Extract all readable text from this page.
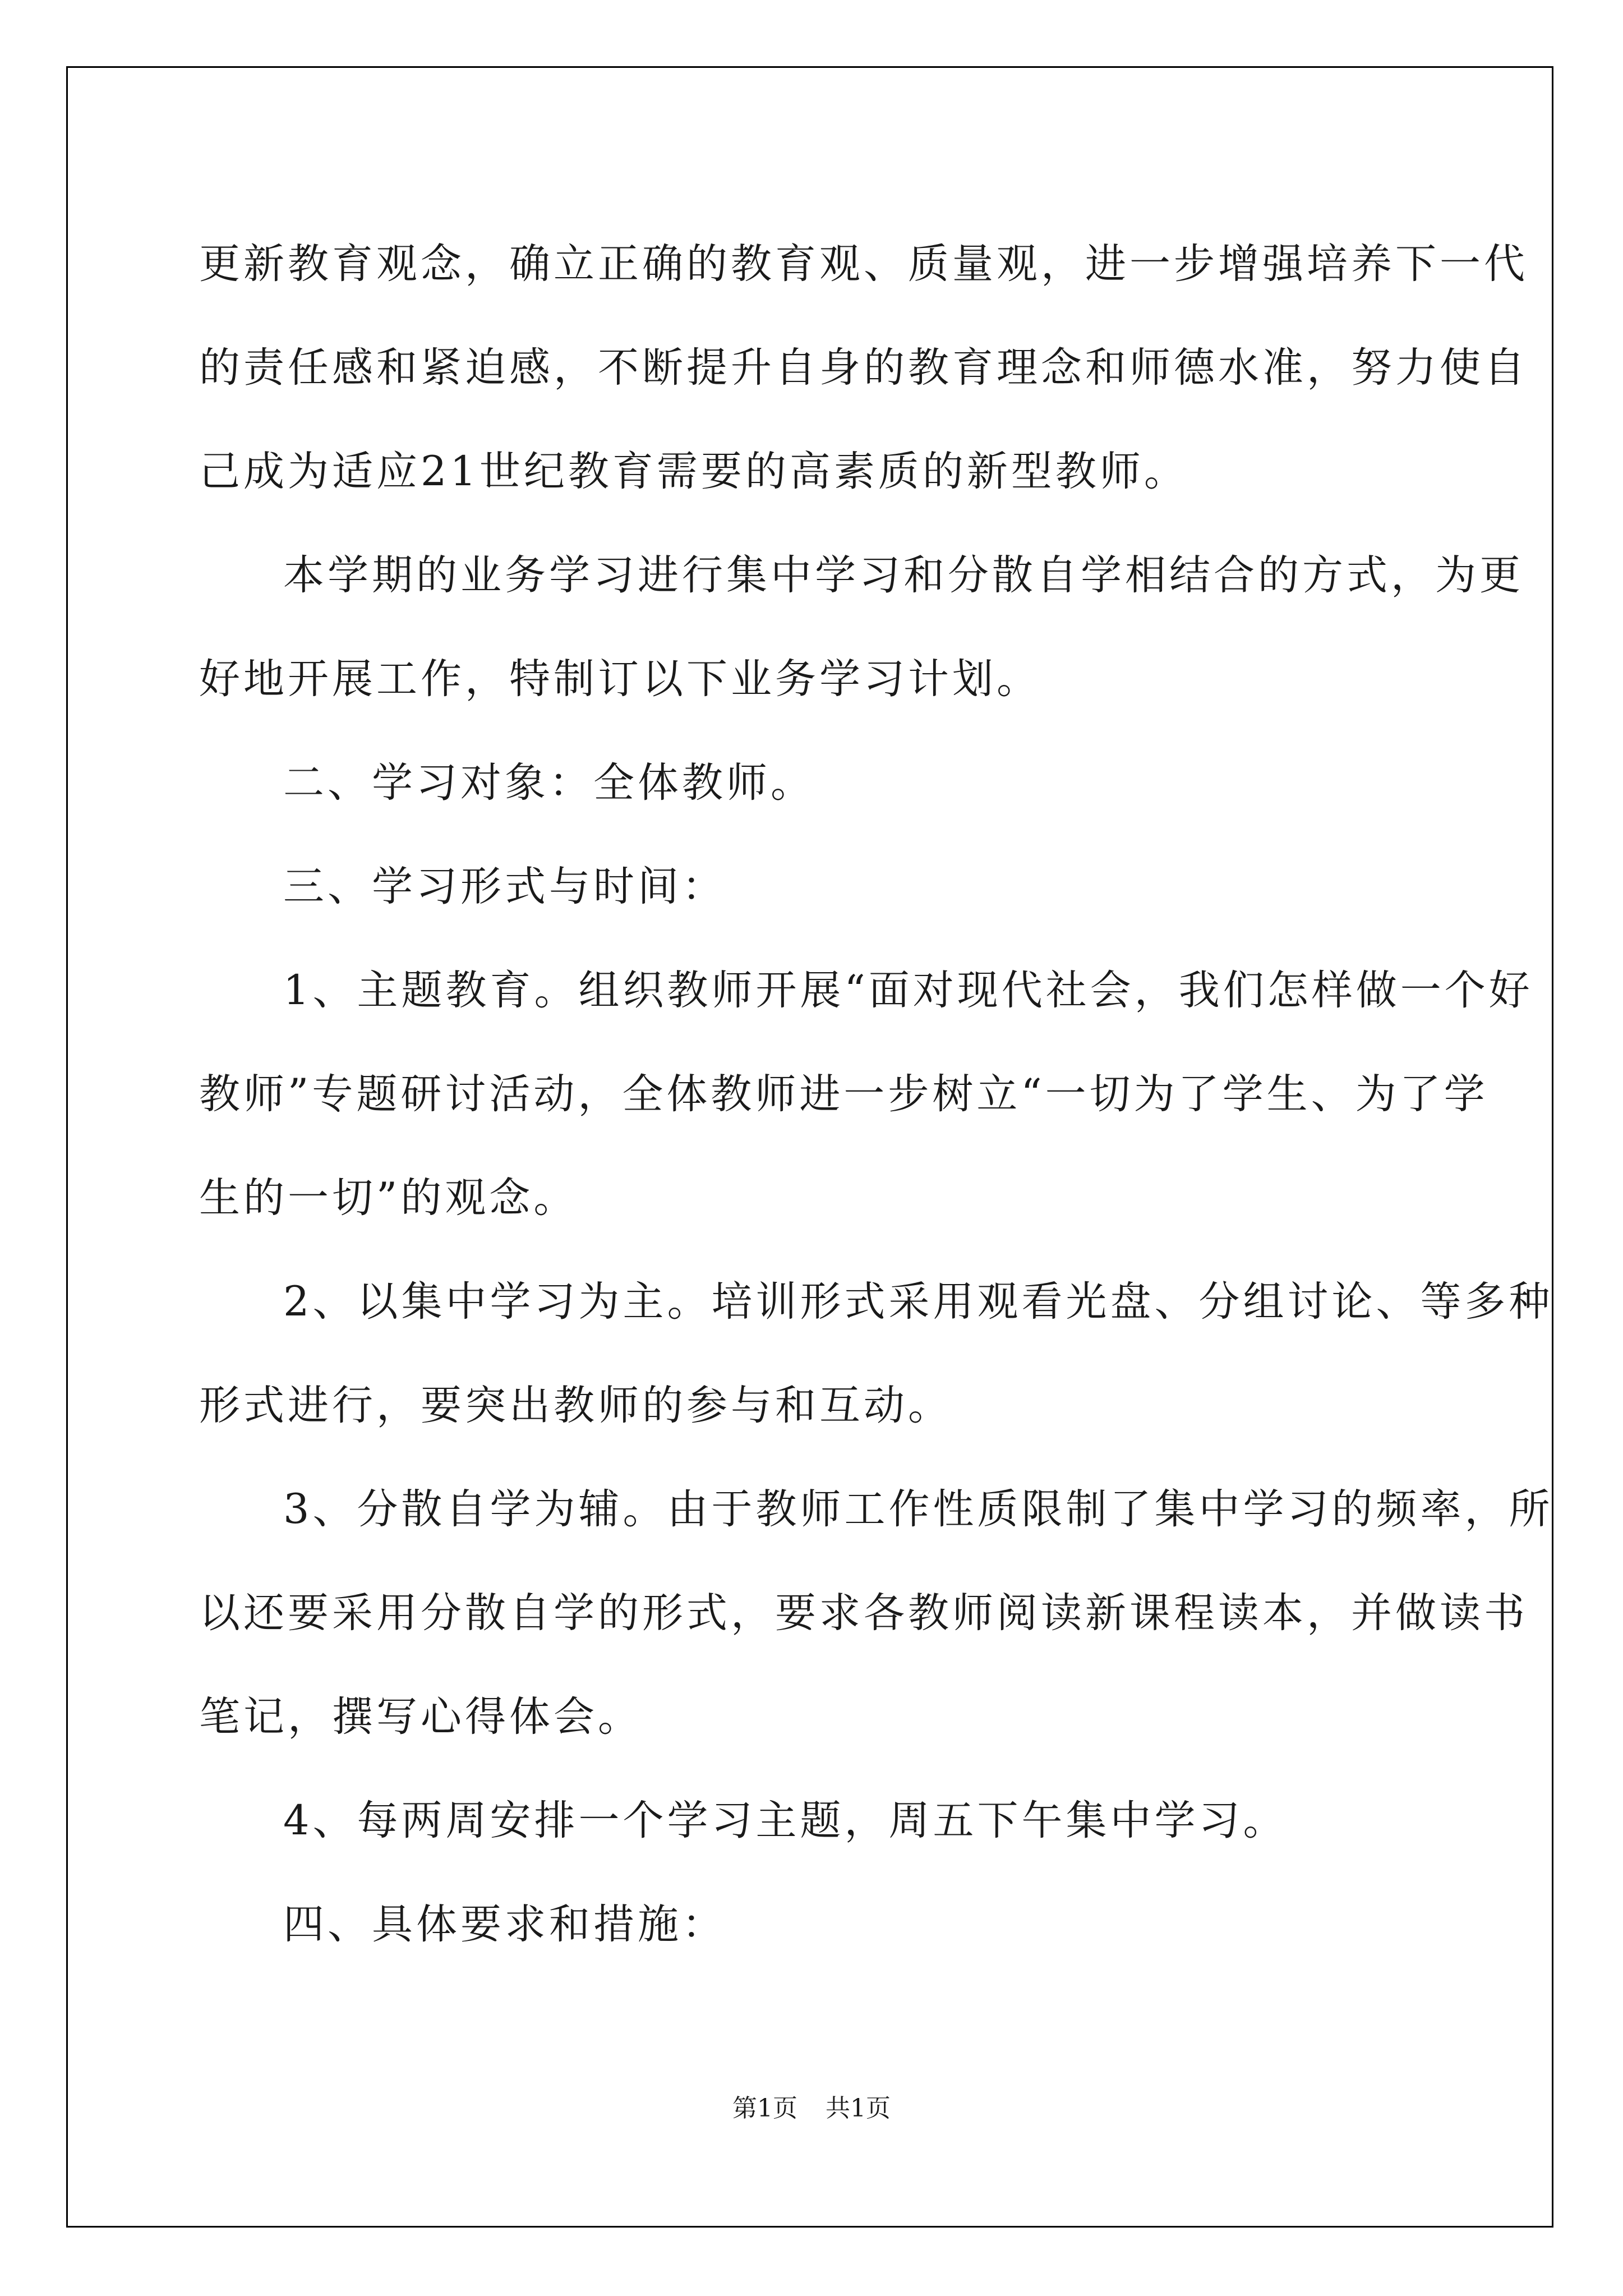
更新教育观念，确立正确的教育观、质量观，进一步增强培养下一代
的责任感和紧迫感，不断提升自身的教育理念和师德水准，努力使自
己成为适应21世纪教育需要的高素质的新型教师。

本学期的业务学习进行集中学习和分散自学相结合的方式，为更
好地开展工作，特制订以下业务学习计划。

二、学习对象：全体教师。

三、学习形式与时间：

1、主题教育。组织教师开展“面对现代社会，我们怎样做一个好
教师”专题研讨活动，全体教师进一步树立“一切为了学生、为了学
生的一切”的观念。

2、以集中学习为主。培训形式采用观看光盘、分组讨论、等多种
形式进行，要突出教师的参与和互动。

3、分散自学为辅。由于教师工作性质限制了集中学习的频率，所
以还要采用分散自学的形式，要求各教师阅读新课程读本，并做读书
笔记，撰写心得体会。

4、每两周安排一个学习主题，周五下午集中学习。

四、具体要求和措施：

第1页 共1页
